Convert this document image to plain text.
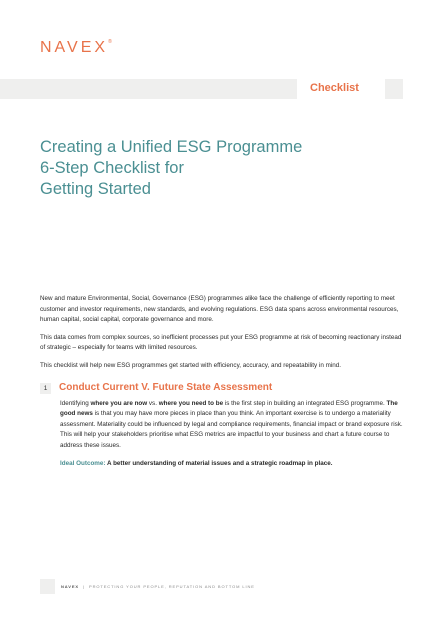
NAVEX®
Checklist
Creating a Unified ESG Programme
6-Step Checklist for
Getting Started

New and mature Environmental, Social, Governance (ESG) programmes alike face the challenge of efficiently reporting to meet customer and investor requirements, new standards, and evolving regulations. ESG data spans across environmental resources, human capital, social capital, corporate governance and more.

This data comes from complex sources, so inefficient processes put your ESG programme at risk of becoming reactionary instead of strategic – especially for teams with limited resources.

This checklist will help new ESG programmes get started with efficiency, accuracy, and repeatability in mind.

1	Conduct Current V. Future State Assessment

Identifying where you are now vs. where you need to be is the first step in building an integrated ESG programme. The good news is that you may have more pieces in place than you think. An important exercise is to undergo a materiality assessment. Materiality could be influenced by legal and compliance requirements, financial impact or brand exposure risk. This will help your stakeholders prioritise what ESG metrics are impactful to your business and chart a future course to address these issues.

Ideal Outcome: A better understanding of material issues and a strategic roadmap in place.

NAVEX | PROTECTING YOUR PEOPLE, REPUTATION AND BOTTOM LINE
